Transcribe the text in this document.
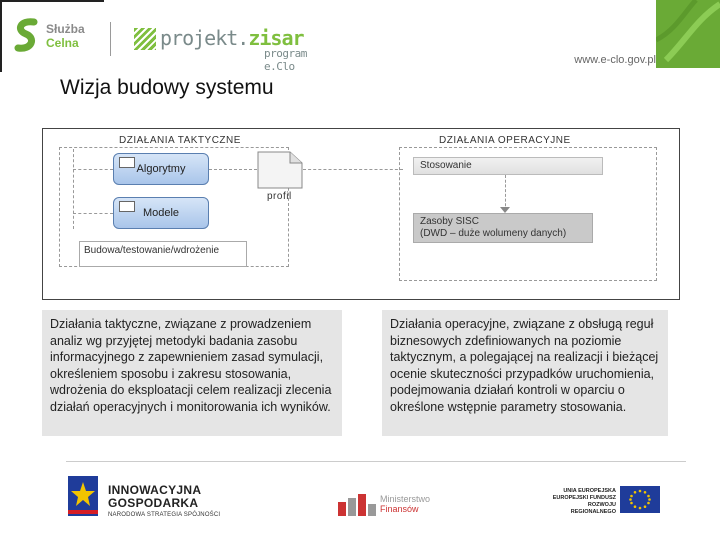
Służba
Celna	projekt.zisar
program e.Clo	www.e-clo.gov.pl
Wizja budowy systemu
DZIAŁANIA TAKTYCZNE
Algorytmy
Modele
profil
Budowa/testowanie/wdrożenie
DZIAŁANIA OPERACYJNE
Stosowanie
Zasoby SISC
(DWD – duże wolumeny danych)

Działania taktyczne, związane z prowadzeniem analiz wg przyjętej metodyki badania zasobu informacyjnego z zapewnieniem zasad symulacji, określeniem sposobu i zakresu stosowania, wdrożenia do eksploatacji celem realizacji zlecenia działań operacyjnych i monitorowania ich wyników.

Działania operacyjne, związane z obsługą reguł biznesowych zdefiniowanych na poziomie taktycznym, a polegającej na realizacji i bieżącej ocenie skuteczności przypadków uruchomienia, podejmowania działań kontroli w oparciu o określone wstępnie parametry stosowania.

INNOWACYJNA
GOSPODARKA
NARODOWA STRATEGIA SPÓJNOŚCI
Ministerstwo
Finansów
UNIA EUROPEJSKA
EUROPEJSKI FUNDUSZ
ROZWOJU REGIONALNEGO
